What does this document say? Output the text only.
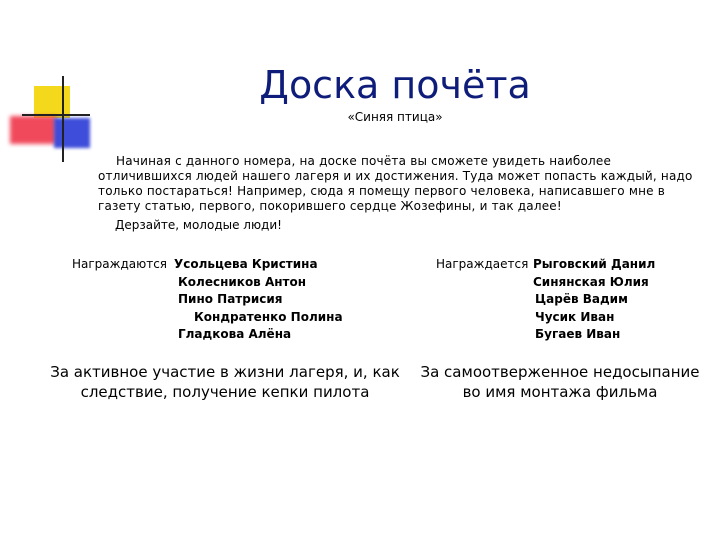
Доска почёта
«Синяя птица»

Начиная с данного номера, на доске почёта вы сможете увидеть наиболее

отличившихся людей нашего лагеря и их достижения. Туда может попасть каждый, надо

только постараться! Например, сюда я помещу первого человека, написавшего мне в

газету статью, первого, покорившего сердце Жозефины, и так далее!

Дерзайте, молодые люди!
Награждаются Усольцева Кристина
Колесников Антон
Пино Патрисия
Кондратенко Полина
Гладкова Алёна
Награждается Рыговский Данил
Синянская Юлия
Царёв Вадим
Чусик Иван
Бугаев Иван
За активное участие в жизни лагеря, и, как следствие, получение кепки пилота
За самоотверженное недосыпание во имя монтажа фильма
